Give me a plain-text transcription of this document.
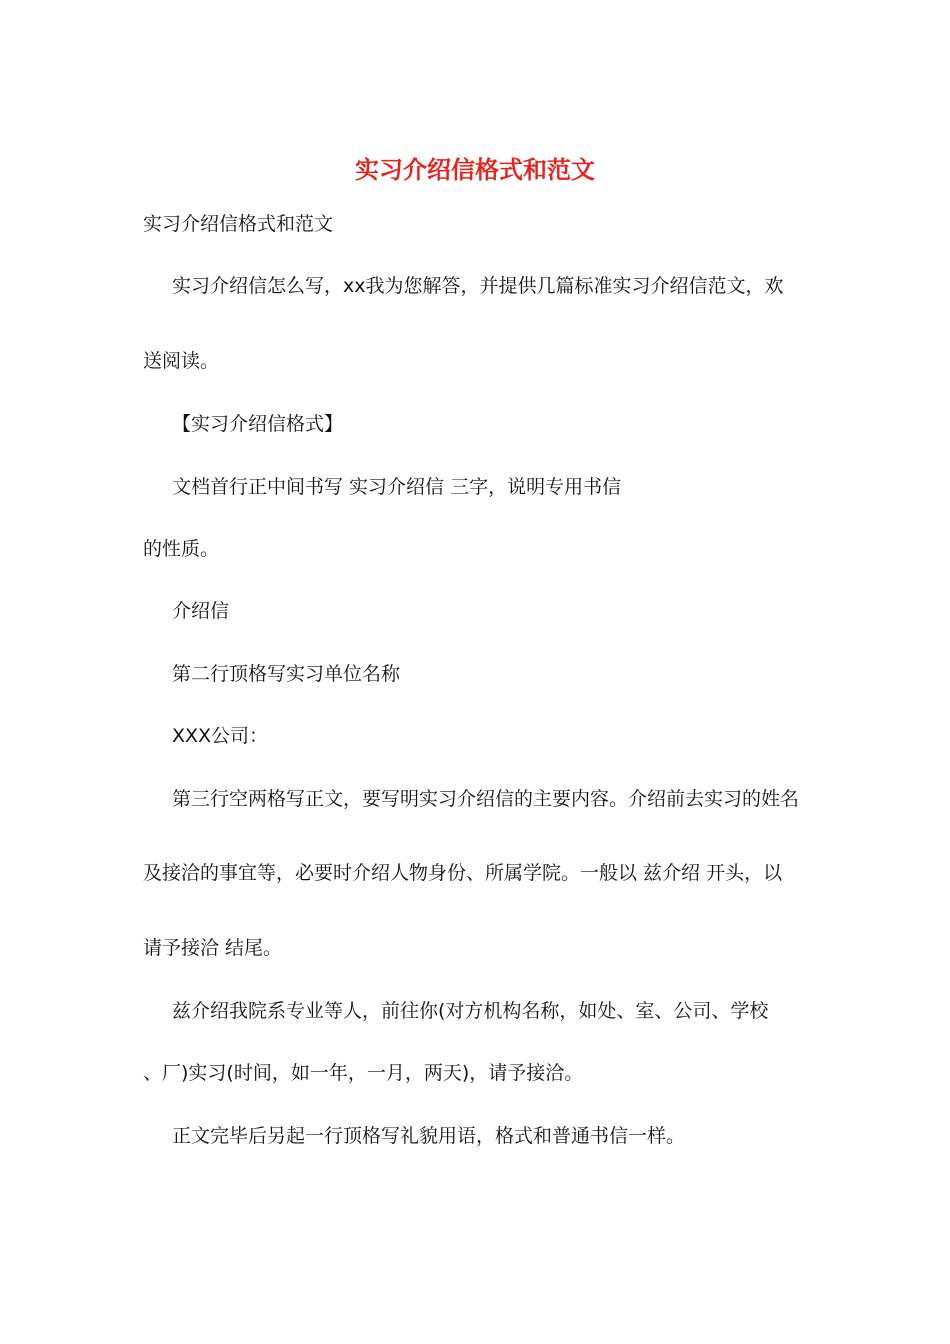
实习介绍信格式和范文

实习介绍信格式和范文

实习介绍信怎么写，xx我为您解答，并提供几篇标准实习介绍信范文，欢

送阅读。

【实习介绍信格式】

文档首行正中间书写 实习介绍信 三字，说明专用书信

的性质。

介绍信

第二行顶格写实习单位名称

XXX公司：

第三行空两格写正文，要写明实习介绍信的主要内容。介绍前去实习的姓名

及接洽的事宜等，必要时介绍人物身份、所属学院。一般以 兹介绍 开头，以

请予接洽 结尾。

兹介绍我院系专业等人，前往你(对方机构名称，如处、室、公司、学校

、厂)实习(时间，如一年，一月，两天)，请予接洽。

正文完毕后另起一行顶格写礼貌用语，格式和普通书信一样。
